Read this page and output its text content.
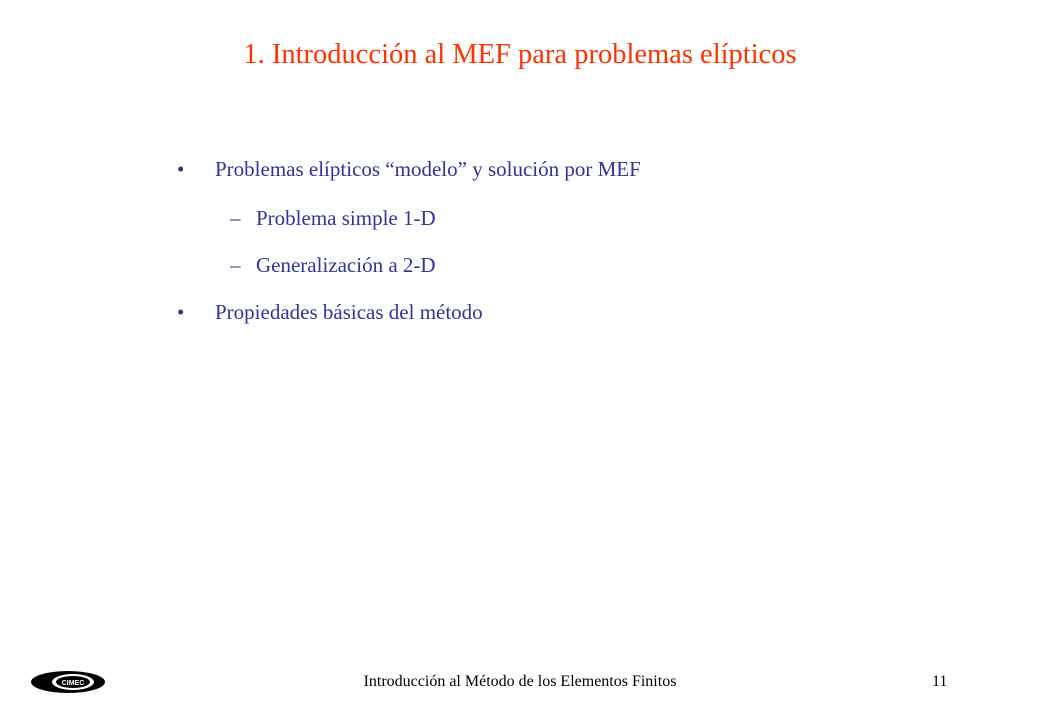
1. Introducción al MEF para problemas elípticos
• Problemas elípticos “modelo” y solución por MEF
– Problema simple 1-D
– Generalización a 2-D
• Propiedades básicas del método
CIMEC	Introducción al Método de los Elementos Finitos	11
